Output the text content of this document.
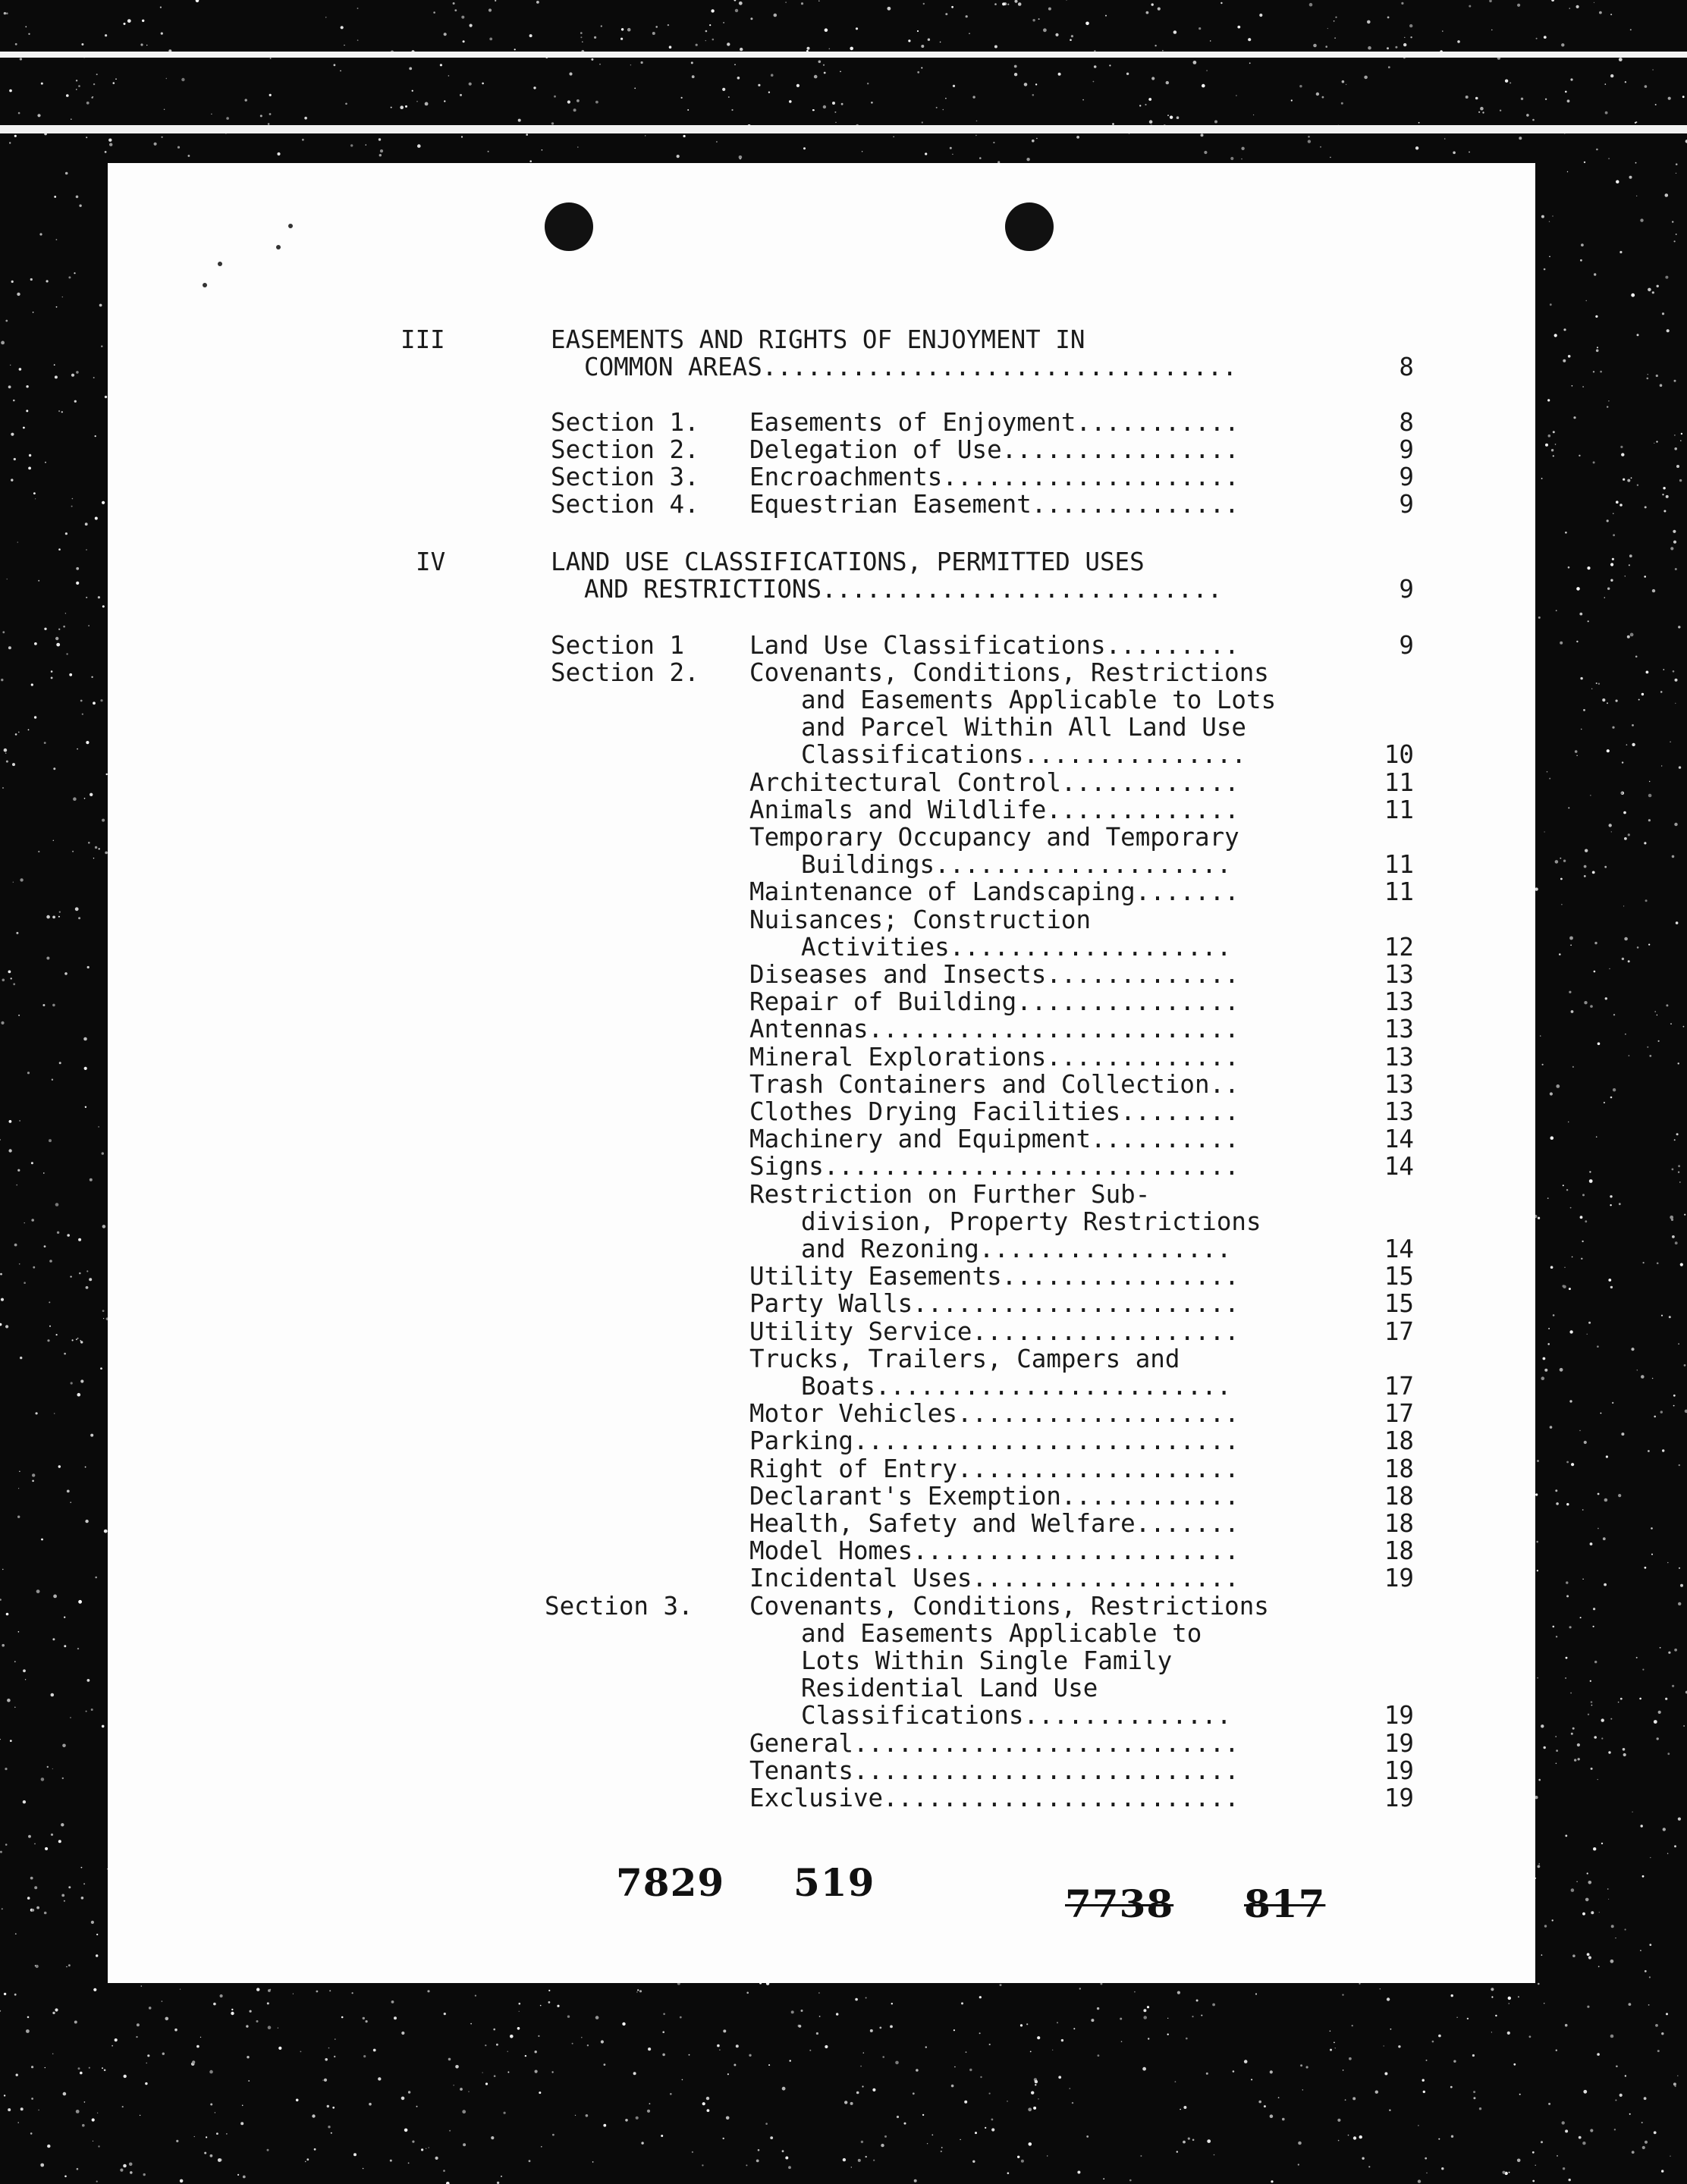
III	EASEMENTS AND RIGHTS OF ENJOYMENT IN
COMMON AREAS................................	8
Section 1. Easements of Enjoyment...........	8
Section 2. Delegation of Use................	9
Section 3. Encroachments....................	9
Section 4. Equestrian Easement..............	9
IV	LAND USE CLASSIFICATIONS, PERMITTED USES
AND RESTRICTIONS...........................	9
Section 1	Land Use Classifications.........	9
Section 2. Covenants, Conditions, Restrictions
7829 519	7738 817
and Easements Applicable to Lots
and Parcel Within All Land Use
Classifications...............	10
Architectural Control............	11
Animals and Wildlife.............	11
Temporary Occupancy and Temporary
Buildings....................	11
Maintenance of Landscaping.......	11
Nuisances; Construction
Activities...................	12
Diseases and Insects.............	13
Repair of Building...............	13
Antennas.........................	13
Mineral Explorations.............	13
Trash Containers and Collection..	13
Clothes Drying Facilities........	13
Machinery and Equipment..........	14
Signs............................	14
Restriction on Further Sub-
division, Property Restrictions
and Rezoning.................	14
Utility Easements................	15
Party Walls......................	15
Utility Service..................	17
Trucks, Trailers, Campers and
Boats........................	17
Motor Vehicles...................	17
Parking..........................	18
Right of Entry...................	18
Declarant's Exemption............	18
Health, Safety and Welfare.......	18
Model Homes......................	18
Incidental Uses..................	19
Section 3. Covenants, Conditions, Restrictions
and Easements Applicable to
Lots Within Single Family
Residential Land Use
Classifications..............	19
General..........................	19
Tenants..........................	19
Exclusive........................	19
